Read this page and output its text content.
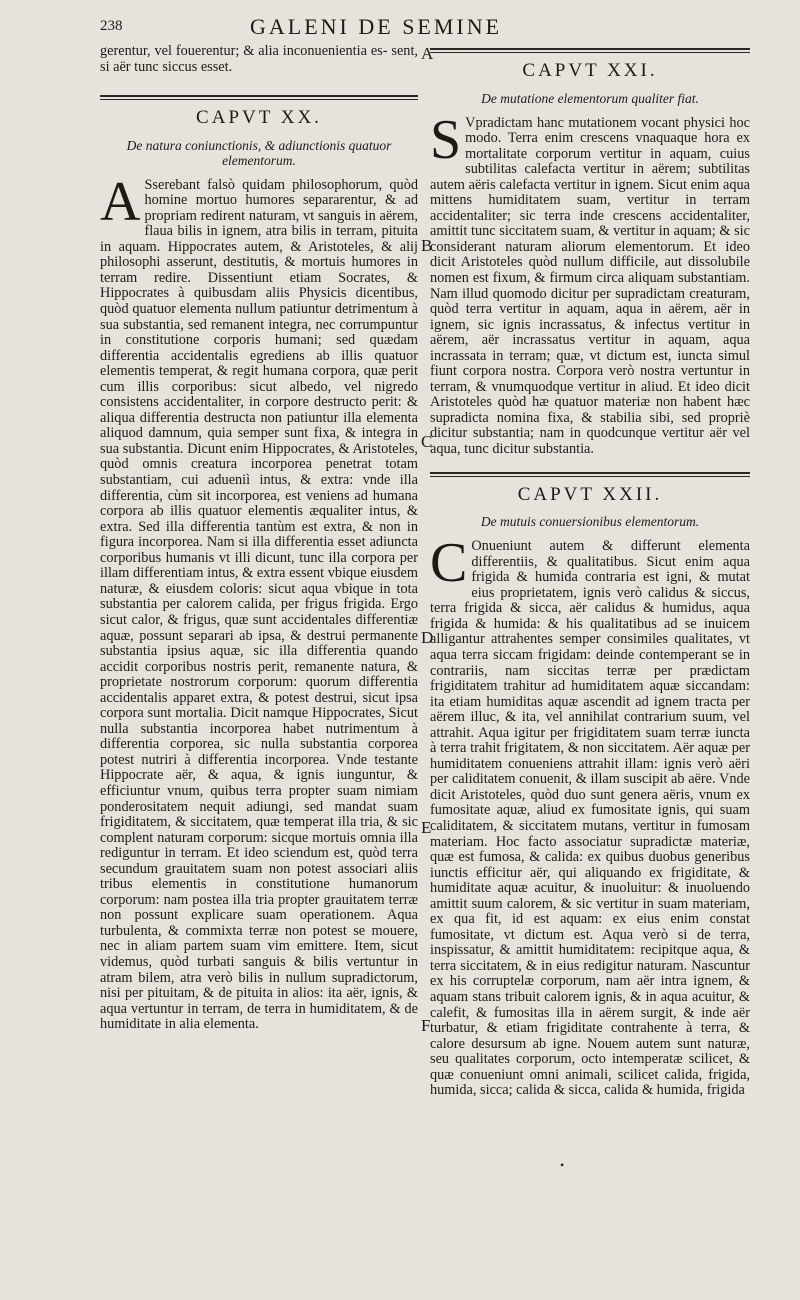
238	GALENI DE SEMINE

gerentur, vel fouerentur; & alia inconuenientia es- sent, si aër tunc siccus esset.

CAPVT XX.
De natura coniunctionis, & adiunctionis quatuor elementorum.

A Sserebant falsò quidam philosophorum, quòd homine mortuo humores separarentur, & ad propriam redirent naturam, vt sanguis in aërem, flaua bilis in ignem, atra bilis in terram, pituita in aquam. Hippocrates autem, & Aristoteles, & alij philosophi asserunt, destitutis, & mortuis humores in terram redire. Dissentiunt etiam Socrates, & Hippocrates à quibusdam aliis Physicis dicentibus, quòd quatuor elementa nullum patiuntur detrimentum à sua substantia, sed remanent integra, nec corrumpuntur in constitutione corporis humani; sed quædam differentia accidentalis egrediens ab illis quatuor elementis temperat, & regit humana corpora, quæ perit cum illis corporibus: sicut albedo, vel nigredo consistens accidentaliter, in corpore destructo perit: & aliqua differentia destructa non patiuntur illa elementa aliquod damnum, quia semper sunt fixa, & integra in sua substantia. Dicunt enim Hippocrates, & Aristoteles, quòd omnis creatura incorporea penetrat totam substantiam, cui adueniì intus, & extra: vnde illa differentia, cùm sit incorporea, est veniens ad humana corpora ab illis quatuor elementis æqualiter intus, & extra. Sed illa differentia tantùm est extra, & non in figura incorporea. Nam si illa differentia esset adiuncta corporibus humanis vt illi dicunt, tunc illa corpora per illam differentiam intus, & extra essent vbique eiusdem naturæ, & eiusdem coloris: sicut aqua vbique in tota substantia per calorem calida, per frigus frigida. Ergo sicut calor, & frigus, quæ sunt accidentales differentiæ aquæ, possunt separari ab ipsa, & destrui permanente substantia ipsius aquæ, sic illa differentia quando accidit corporibus nostris perit, remanente natura, & proprietate nostrorum corporum: quorum differentia accidentalis apparet extra, & potest destrui, sicut ipsa corpora sunt mortalia. Dicit namque Hippocrates, Sicut nulla substantia incorporea habet nutrimentum à differentia corporea, sic nulla substantia corporea potest nutriri à differentia incorporea. Vnde testante Hippocrate aër, & aqua, & ignis iunguntur, & efficiuntur vnum, quibus terra propter suam nimiam ponderositatem nequit adiungi, sed mandat suam frigiditatem, & siccitatem, quæ temperat illa tria, & sic complent naturam corporum: sicque mortuis omnia illa rediguntur in terram. Et ideo sciendum est, quòd terra secundum grauitatem suam non potest associari aliis tribus elementis in constitutione humanorum corporum: nam postea illa tria propter grauitatem terræ non possunt explicare suam operationem. Aqua turbulenta, & commixta terræ non potest se mouere, nec in aliam partem suam vim emittere. Item, sicut videmus, quòd turbati sanguis & bilis vertuntur in atram bilem, atra verò bilis in nullum supradictorum, nisi per pituitam, & de pituita in alios: ita aër, ignis, & aqua vertuntur in terram, de terra in humiditatem, & de humiditate in alia elementa.

CAPVT XXI.
De mutatione elementorum qualiter fiat.

S Vpradictam hanc mutationem vocant physici hoc modo. Terra enim crescens vnaquaque hora ex mortalitate corporum vertitur in aquam, cuius subtilitas calefacta vertitur in aërem; subtilitas autem aëris calefacta vertitur in ignem. Sicut enim aqua mittens humiditatem suam, vertitur in terram accidentaliter; sic terra inde crescens accidentaliter, amittit tunc siccitatem suam, & vertitur in aquam; & sic considerant naturam aliorum elementorum. Et ideo dicit Aristoteles quòd nullum difficile, aut dissolubile nomen est fixum, & firmum circa aliquam substantiam. Nam illud quomodo dicitur per supradictam creaturam, quòd terra vertitur in aquam, aqua in aërem, aër in ignem, sic ignis incrassatus, & infectus vertitur in aërem, aër incrassatus vertitur in aquam, aqua incrassata in terram; quæ, vt dictum est, iuncta simul fiunt corpora nostra. Corpora verò nostra vertuntur in terram, & vnumquodque vertitur in aliud. Et ideo dicit Aristoteles quòd hæ quatuor materiæ non habent hæc supradicta nomina fixa, & stabilia sibi, sed propriè dicitur substantia; nam in quodcunque vertitur aër vel aqua, tunc dicitur substantia.

CAPVT XXII.
De mutuis conuersionibus elementorum.

C Onueniunt autem & differunt elementa differentiis, & qualitatibus. Sicut enim aqua frigida & humida contraria est igni, & mutat eius proprietatem, ignis verò calidus & siccus, terra frigida & sicca, aër calidus & humidus, aqua frigida & humida: & his qualitatibus ad se inuicem alligantur attrahentes semper consimiles qualitates, vt aqua terra siccam frigidam: deinde contemperant se in contrariis, nam siccitas terræ per prædictam frigiditatem trahitur ad humiditatem aquæ siccandam: ita etiam humiditas aquæ ascendit ad ignem tracta per aërem illuc, & ita, vel annihilat contrarium suum, vel attrahit. Aqua igitur per frigiditatem suam terræ iuncta à terra trahit frigitatem, & non siccitatem. Aër aquæ per humiditatem conueniens attrahit illam: ignis verò aëri per caliditatem conuenit, & illam suscipit ab aëre. Vnde dicit Aristoteles, quòd duo sunt genera aëris, vnum ex fumositate aquæ, aliud ex fumositate ignis, qui suam caliditatem, & siccitatem mutans, vertitur in fumosam materiam. Hoc facto associatur supradictæ materiæ, quæ est fumosa, & calida: ex quibus duobus generibus iunctis efficitur aër, qui aliquando ex frigiditate, & humiditate aquæ acuitur, & inuoluitur: & inuoluendo amittit suum calorem, & sic vertitur in suam materiam, ex qua fit, id est aquam: ex eius enim constat fumositate, vt dictum est. Aqua verò si de terra, inspissatur, & amittit humiditatem: recipitque aqua, & terra siccitatem, & in eius redigitur naturam. Nascuntur ex his corruptelæ corporum, nam aër intra ignem, & aquam stans tribuit calorem ignis, & in aqua acuitur, & calefit, & fumositas illa in aërem surgit, & inde aër turbatur, & etiam frigiditate contrahente à terra, & calore desursum ab igne. Nouem autem sunt naturæ, seu qualitates corporum, octo intemperatæ scilicet, & quæ conueniunt omni animali, scilicet calida, frigida, humida, sicca; calida & sicca, calida & humida, frigida

A
B
C
D
E
F
•
